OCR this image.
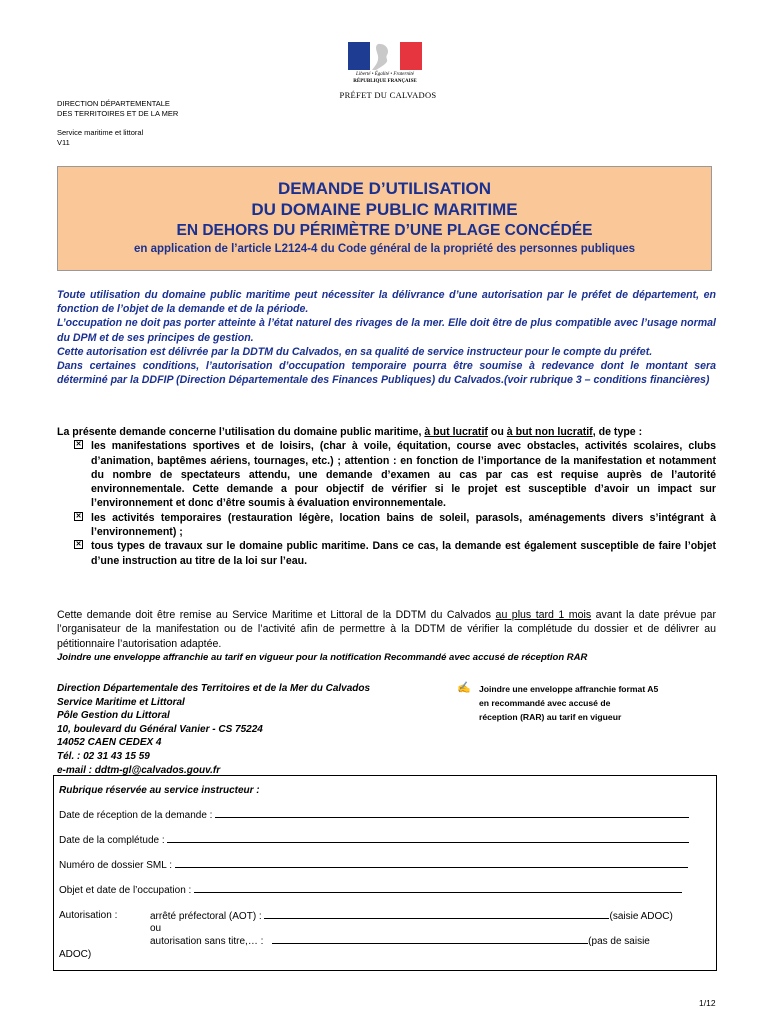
Liberté • Égalité • Fraternité
RÉPUBLIQUE FRANÇAISE
PRÉFET DU CALVADOS
DIRECTION DÉPARTEMENTALE
DES TERRITOIRES ET DE LA MER
Service maritime et littoral
V11
DEMANDE D’UTILISATION
DU DOMAINE PUBLIC MARITIME
EN DEHORS DU PÉRIMÈTRE D’UNE PLAGE CONCÉDÉE
en application de l’article L2124-4 du Code général de la propriété des personnes publiques
Toute utilisation du domaine public maritime peut nécessiter la délivrance d’une autorisation par le préfet de département, en fonction de l’objet de la demande et de la période.
L’occupation ne doit pas porter atteinte à l’état naturel des rivages de la mer. Elle doit être de plus compatible avec l’usage normal du DPM et de ses principes de gestion.
Cette autorisation est délivrée par la DDTM du Calvados, en sa qualité de service instructeur pour le compte du préfet.
Dans certaines conditions, l’autorisation d’occupation temporaire pourra être soumise à redevance dont le montant sera déterminé par la DDFIP (Direction Départementale des Finances Publiques) du Calvados.(voir rubrique 3 – conditions financières)
La présente demande concerne l’utilisation du domaine public maritime, à but lucratif ou à but non lucratif, de type :
✕ les manifestations sportives et de loisirs, (char à voile, équitation, course avec obstacles, activités scolaires, clubs d’animation, baptêmes aériens, tournages, etc.) ; attention : en fonction de l’importance de la manifestation et notamment du nombre de spectateurs attendu, une demande d’examen au cas par cas est requise auprès de l’autorité environnementale. Cette demande a pour objectif de vérifier si le projet est susceptible d’avoir un impact sur l’environnement et donc d’être soumis à évaluation environnementale.
✕ les activités temporaires (restauration légère, location bains de soleil, parasols, aménagements divers s’intégrant à l’environnement) ;
✕ tous types de travaux sur le domaine public maritime. Dans ce cas, la demande est également susceptible de faire l’objet d’une instruction au titre de la loi sur l’eau.
Cette demande doit être remise au Service Maritime et Littoral de la DDTM du Calvados au plus tard 1 mois avant la date prévue par l’organisateur de la manifestation ou de l’activité afin de permettre à la DDTM de vérifier la complétude du dossier et de délivrer au pétitionnaire l’autorisation adaptée.
Joindre une enveloppe affranchie au tarif en vigueur pour la notification Recommandé avec accusé de réception RAR
Direction Départementale des Territoires et de la Mer du Calvados
Service Maritime et Littoral
Pôle Gestion du Littoral
10, boulevard du Général Vanier - CS 75224
14052 CAEN CEDEX 4
Tél. : 02 31 43 15 59
e-mail : ddtm-gl@calvados.gouv.fr
✍ Joindre une enveloppe affranchie format A5
en recommandé avec accusé de
réception (RAR) au tarif en vigueur
Rubrique réservée au service instructeur :
Date de réception de la demande :
Date de la complétude :
Numéro de dossier SML :
Objet et date de l’occupation :
Autorisation :	arrêté préfectoral (AOT) :	(saisie ADOC)
ou
autorisation sans titre,… :	(pas de saisie
ADOC)
1/12
